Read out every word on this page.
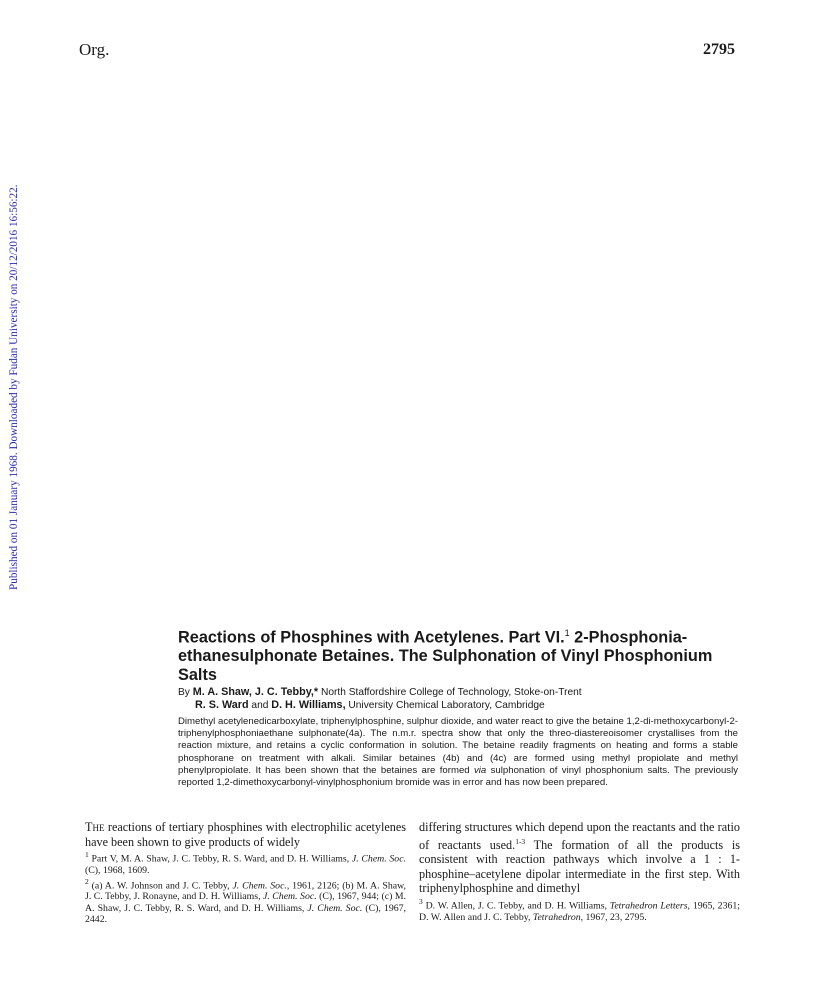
Org.	2795
Published on 01 January 1968. Downloaded by Fudan University on 20/12/2016 16:56:22.
Reactions of Phosphines with Acetylenes. Part VI.$^1$ 2-Phosphonia-ethanesulphonate Betaines. The Sulphonation of Vinyl Phosphonium Salts
By M. A. Shaw, J. C. Tebby,* North Staffordshire College of Technology, Stoke-on-Trent
R. S. Ward and D. H. Williams, University Chemical Laboratory, Cambridge

Dimethyl acetylenedicarboxylate, triphenylphosphine, sulphur dioxide, and water react to give the betaine 1,2-di-methoxycarbonyl-2-triphenylphosphoniaethane sulphonate(4a). The n.m.r. spectra show that only the threo-diastereoisomer crystallises from the reaction mixture, and retains a cyclic conformation in solution. The betaine readily fragments on heating and forms a stable phosphorane on treatment with alkali. Similar betaines (4b) and (4c) are formed using methyl propiolate and methyl phenylpropiolate. It has been shown that the betaines are formed via sulphonation of vinyl phosphonium salts. The previously reported 1,2-dimethoxycarbonyl-vinylphosphonium bromide was in error and has now been prepared.

The reactions of tertiary phosphines with electrophilic acetylenes have been shown to give products of widely

$^1$ Part V, M. A. Shaw, J. C. Tebby, R. S. Ward, and D. H. Williams, J. Chem. Soc. (C), 1968, 1609.

$^2$ (a) A. W. Johnson and J. C. Tebby, J. Chem. Soc., 1961, 2126; (b) M. A. Shaw, J. C. Tebby, J. Ronayne, and D. H. Williams, J. Chem. Soc. (C), 1967, 944; (c) M. A. Shaw, J. C. Tebby, R. S. Ward, and D. H. Williams, J. Chem. Soc. (C), 1967, 2442.

differing structures which depend upon the reactants and the ratio of reactants used.$^{1-3}$ The formation of all the products is consistent with reaction pathways which involve a 1 : 1-phosphine–acetylene dipolar intermediate in the first step. With triphenylphosphine and dimethyl

$^3$ D. W. Allen, J. C. Tebby, and D. H. Williams, Tetrahedron Letters, 1965, 2361; D. W. Allen and J. C. Tebby, Tetrahedron, 1967, 23, 2795.
